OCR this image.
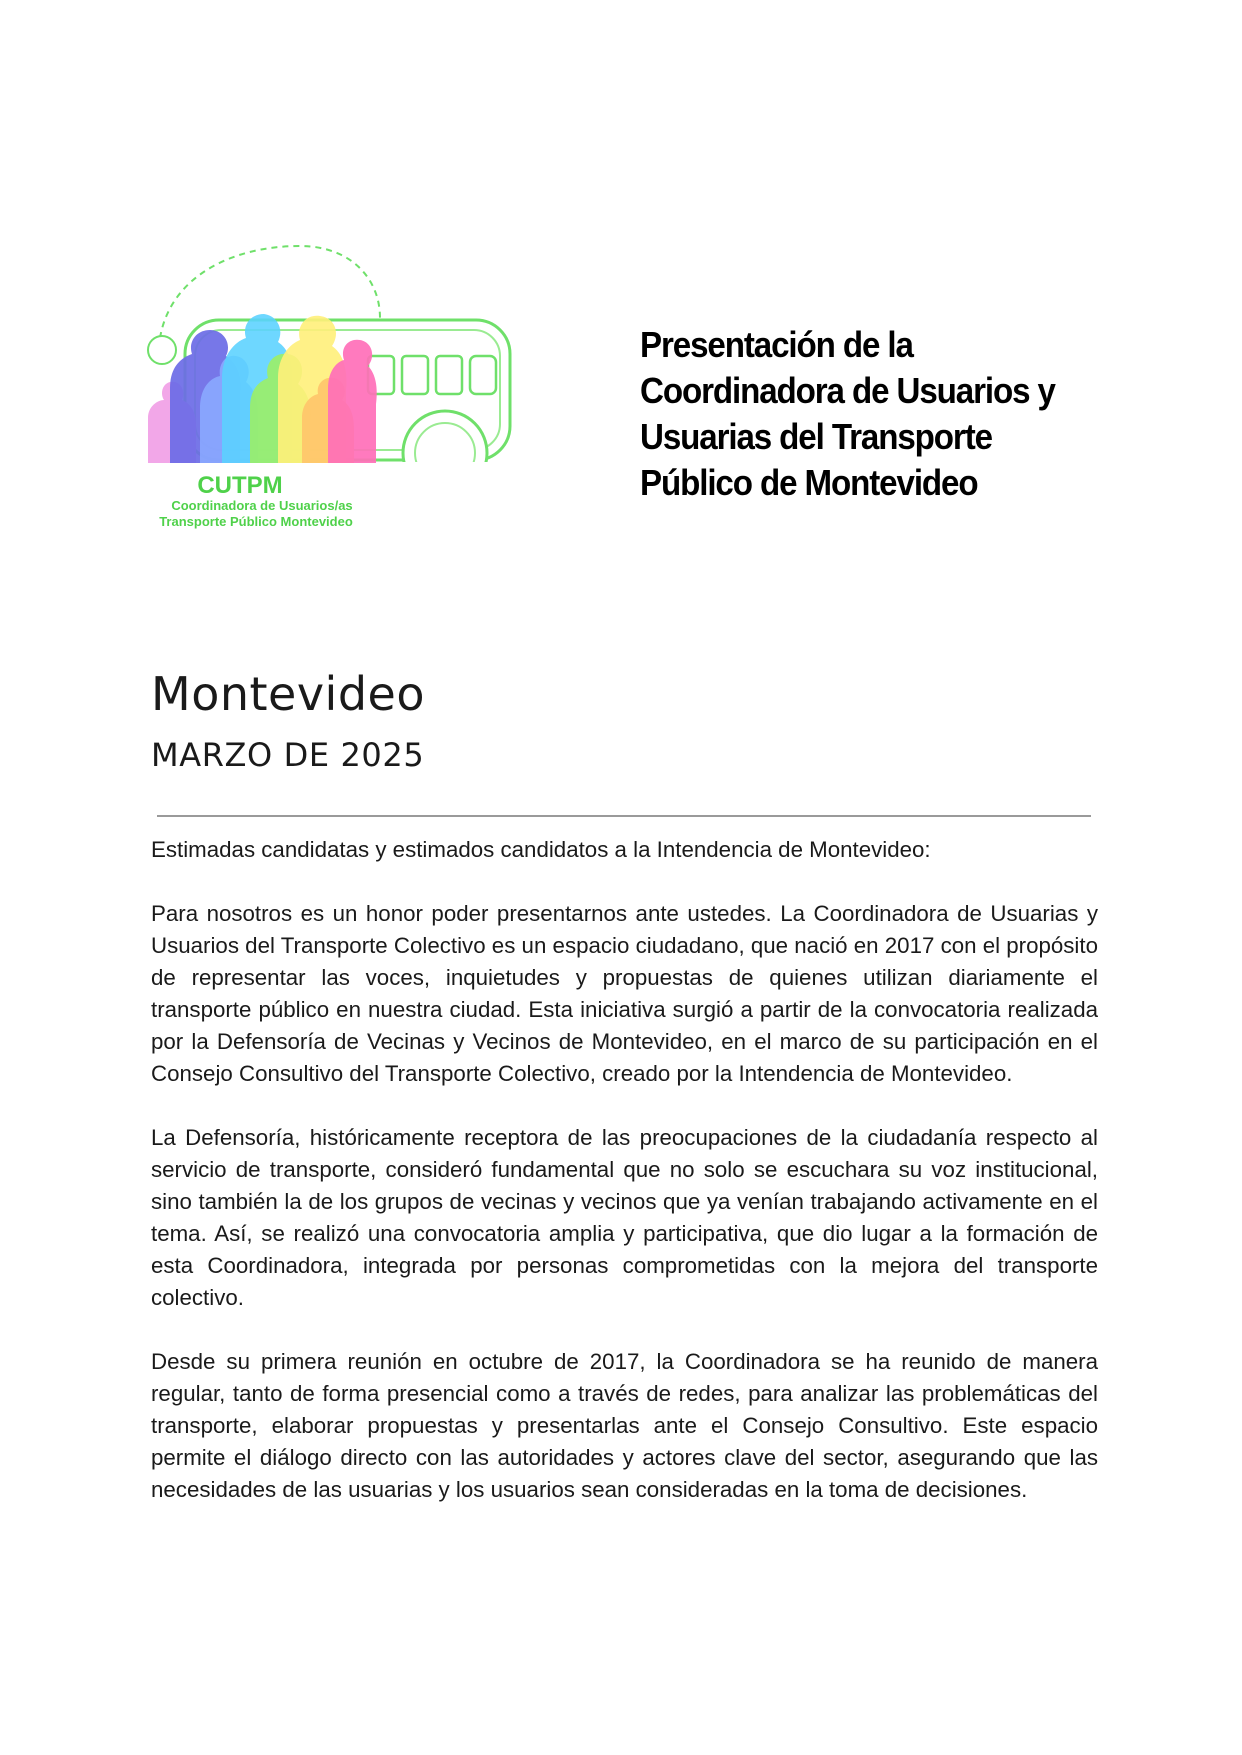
CUTPM
Coordinadora de Usuarios/as
Transporte Público Montevideo
Presentación de la Coordinadora de Usuarios y Usuarias del Transporte Público de Montevideo
Montevideo
MARZO DE 2025

Estimadas candidatas y estimados candidatos a la Intendencia de Montevideo:

Para nosotros es un honor poder presentarnos ante ustedes. La Coordinadora de Usuarias y Usuarios del Transporte Colectivo es un espacio ciudadano, que nació en 2017 con el propósito de representar las voces, inquietudes y propuestas de quienes utilizan diariamente el transporte público en nuestra ciudad. Esta iniciativa surgió a partir de la convocatoria realizada por la Defensoría de Vecinas y Vecinos de Montevideo, en el marco de su participación en el Consejo Consultivo del Transporte Colectivo, creado por la Intendencia de Montevideo.

La Defensoría, históricamente receptora de las preocupaciones de la ciudadanía respecto al servicio de transporte, consideró fundamental que no solo se escuchara su voz institucional, sino también la de los grupos de vecinas y vecinos que ya venían trabajando activamente en el tema. Así, se realizó una convocatoria amplia y participativa, que dio lugar a la formación de esta Coordinadora, integrada por personas comprometidas con la mejora del transporte colectivo.

Desde su primera reunión en octubre de 2017, la Coordinadora se ha reunido de manera regular, tanto de forma presencial como a través de redes, para analizar las problemáticas del transporte, elaborar propuestas y presentarlas ante el Consejo Consultivo. Este espacio permite el diálogo directo con las autoridades y actores clave del sector, asegurando que las necesidades de las usuarias y los usuarios sean consideradas en la toma de decisiones.
